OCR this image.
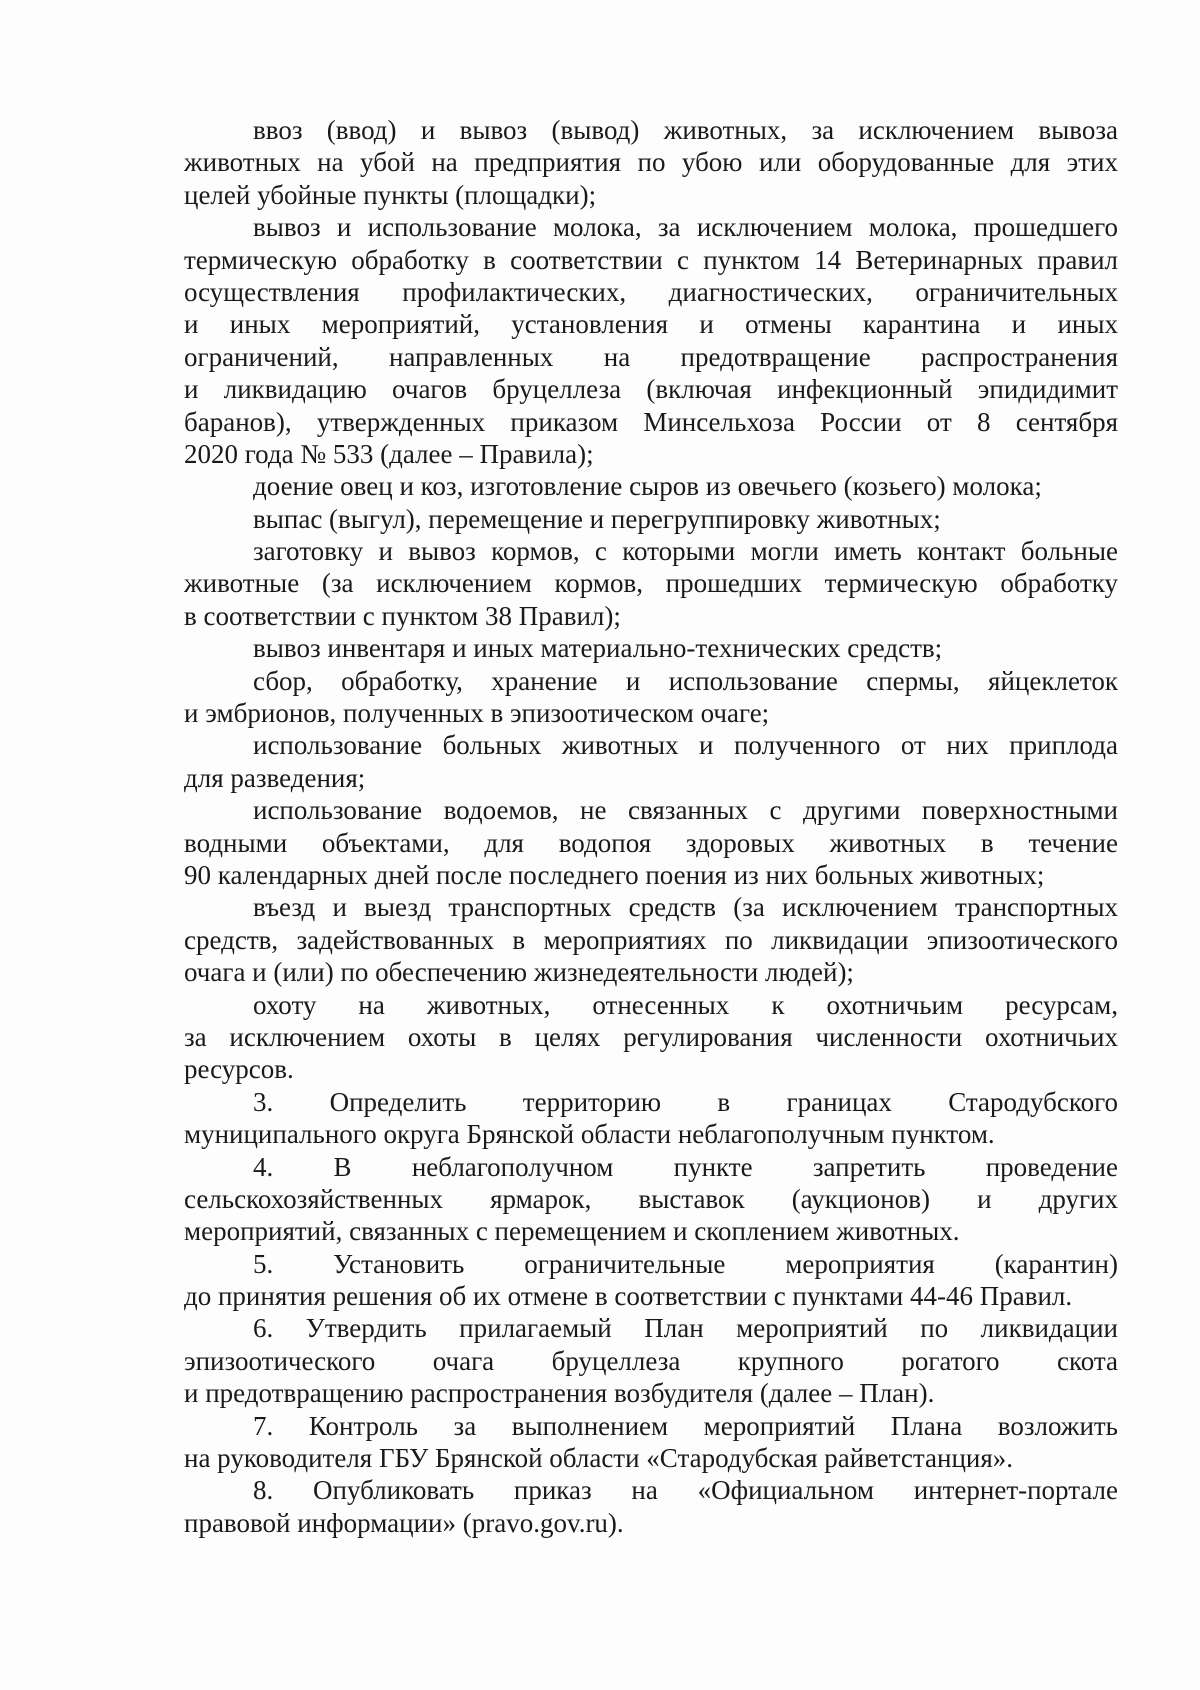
ввоз (ввод) и вывоз (вывод) животных, за исключением вывоза
животных на убой на предприятия по убою или оборудованные для этих
целей убойные пункты (площадки);
вывоз и использование молока, за исключением молока, прошедшего
термическую обработку в соответствии с пунктом 14 Ветеринарных правил
осуществления профилактических, диагностических, ограничительных
и иных мероприятий, установления и отмены карантина и иных
ограничений, направленных на предотвращение распространения
и ликвидацию очагов бруцеллеза (включая инфекционный эпидидимит
баранов), утвержденных приказом Минсельхоза России от 8 сентября
2020 года № 533 (далее – Правила);
доение овец и коз, изготовление сыров из овечьего (козьего) молока;
выпас (выгул), перемещение и перегруппировку животных;
заготовку и вывоз кормов, с которыми могли иметь контакт больные
животные (за исключением кормов, прошедших термическую обработку
в соответствии с пунктом 38 Правил);
вывоз инвентаря и иных материально-технических средств;
сбор, обработку, хранение и использование спермы, яйцеклеток
и эмбрионов, полученных в эпизоотическом очаге;
использование больных животных и полученного от них приплода
для разведения;
использование водоемов, не связанных с другими поверхностными
водными объектами, для водопоя здоровых животных в течение
90 календарных дней после последнего поения из них больных животных;
въезд и выезд транспортных средств (за исключением транспортных
средств, задействованных в мероприятиях по ликвидации эпизоотического
очага и (или) по обеспечению жизнедеятельности людей);
охоту на животных, отнесенных к охотничьим ресурсам,
за исключением охоты в целях регулирования численности охотничьих
ресурсов.
3. Определить территорию в границах Стародубского
муниципального округа Брянской области неблагополучным пунктом.
4. В неблагополучном пункте запретить проведение
сельскохозяйственных ярмарок, выставок (аукционов) и других
мероприятий, связанных с перемещением и скоплением животных.
5. Установить ограничительные мероприятия (карантин)
до принятия решения об их отмене в соответствии с пунктами 44-46 Правил.
6. Утвердить прилагаемый План мероприятий по ликвидации
эпизоотического очага бруцеллеза крупного рогатого скота
и предотвращению распространения возбудителя (далее – План).
7. Контроль за выполнением мероприятий Плана возложить
на руководителя ГБУ Брянской области «Стародубская райветстанция».
8. Опубликовать приказ на «Официальном интернет-портале
правовой информации» (pravo.gov.ru).
